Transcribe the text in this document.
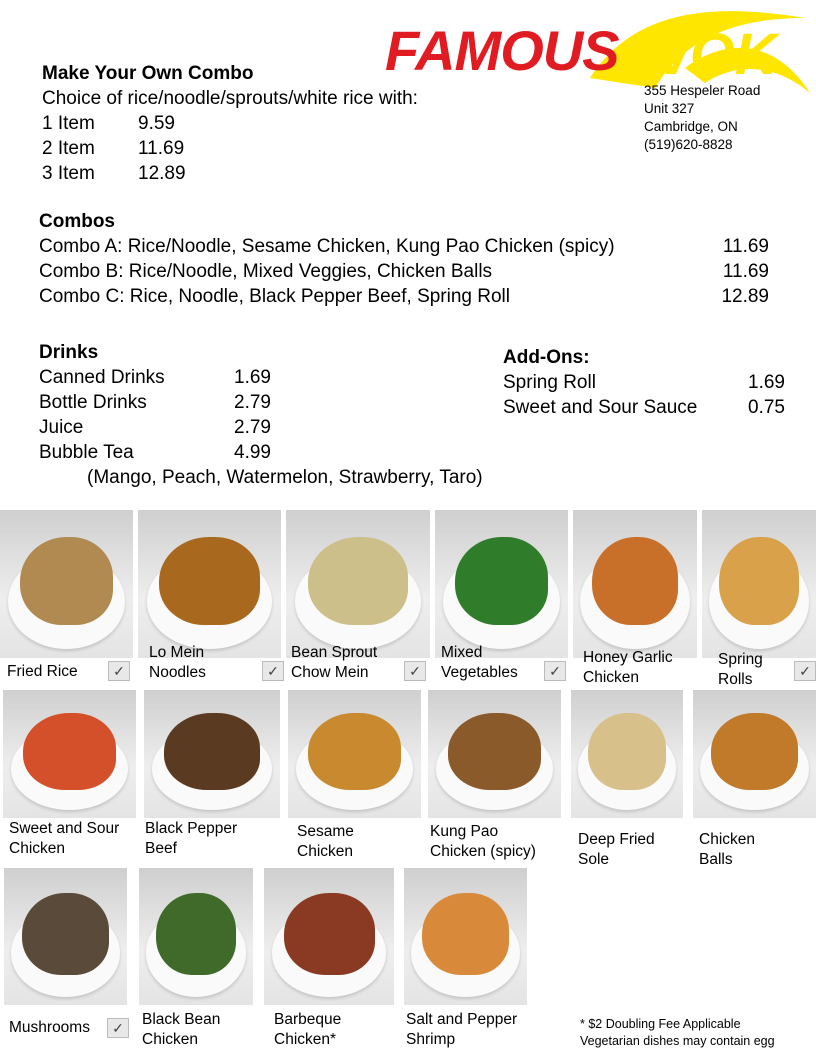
FAMOUS WOK
355 Hespeler Road
Unit 327
Cambridge, ON
(519)620-8828
Make Your Own Combo
Choice of rice/noodle/sprouts/white rice with:
1 Item	9.59
2 Item	11.69
3 Item	12.89
Combos
Combo A: Rice/Noodle, Sesame Chicken, Kung Pao Chicken (spicy)	11.69
Combo B: Rice/Noodle, Mixed Veggies, Chicken Balls	11.69
Combo C: Rice, Noodle, Black Pepper Beef, Spring Roll	12.89
Drinks
Canned Drinks	1.69
Bottle Drinks	2.79
Juice	2.79
Bubble Tea	4.99
(Mango, Peach, Watermelon, Strawberry, Taro)
Add-Ons:
Spring Roll	1.69
Sweet and Sour Sauce	0.75
Fried Rice	✓
Lo Mein
Noodles	✓
Bean Sprout
Chow Mein	✓
Mixed
Vegetables	✓
Honey Garlic
Chicken
Spring
Rolls	✓
Sweet and Sour
Chicken
Black Pepper
Beef
Sesame
Chicken
Kung Pao
Chicken (spicy)
Deep Fried
Sole
Chicken
Balls
Mushrooms	✓	Black Bean
Chicken
Barbeque
Chicken*
Salt and Pepper
Shrimp
* $2 Doubling Fee Applicable
Vegetarian dishes may contain egg
